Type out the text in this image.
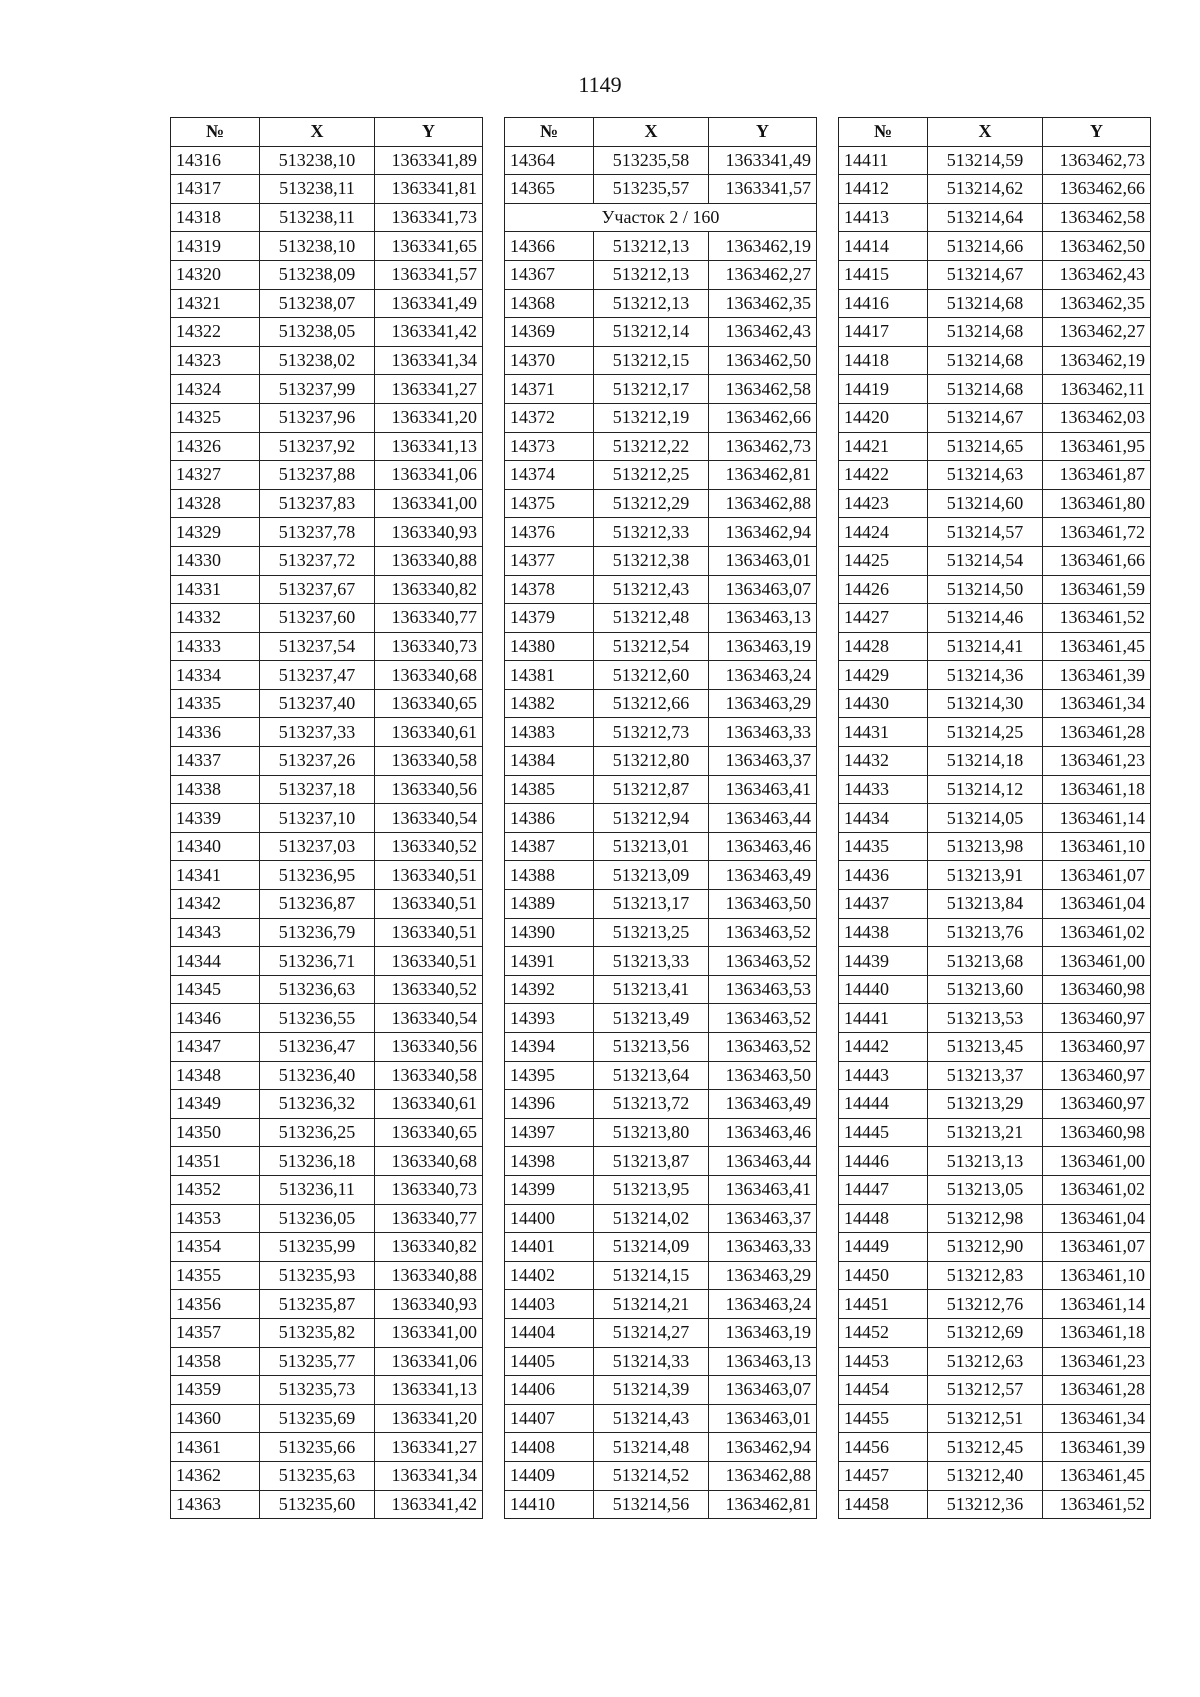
1149
№	X	Y
14316	513238,10	1363341,89
14317	513238,11	1363341,81
14318	513238,11	1363341,73
14319	513238,10	1363341,65
14320	513238,09	1363341,57
14321	513238,07	1363341,49
14322	513238,05	1363341,42
14323	513238,02	1363341,34
14324	513237,99	1363341,27
14325	513237,96	1363341,20
14326	513237,92	1363341,13
14327	513237,88	1363341,06
14328	513237,83	1363341,00
14329	513237,78	1363340,93
14330	513237,72	1363340,88
14331	513237,67	1363340,82
14332	513237,60	1363340,77
14333	513237,54	1363340,73
14334	513237,47	1363340,68
14335	513237,40	1363340,65
14336	513237,33	1363340,61
14337	513237,26	1363340,58
14338	513237,18	1363340,56
14339	513237,10	1363340,54
14340	513237,03	1363340,52
14341	513236,95	1363340,51
14342	513236,87	1363340,51
14343	513236,79	1363340,51
14344	513236,71	1363340,51
14345	513236,63	1363340,52
14346	513236,55	1363340,54
14347	513236,47	1363340,56
14348	513236,40	1363340,58
14349	513236,32	1363340,61
14350	513236,25	1363340,65
14351	513236,18	1363340,68
14352	513236,11	1363340,73
14353	513236,05	1363340,77
14354	513235,99	1363340,82
14355	513235,93	1363340,88
14356	513235,87	1363340,93
14357	513235,82	1363341,00
14358	513235,77	1363341,06
14359	513235,73	1363341,13
14360	513235,69	1363341,20
14361	513235,66	1363341,27
14362	513235,63	1363341,34
14363	513235,60	1363341,42
№	X	Y
14364	513235,58	1363341,49
14365	513235,57	1363341,57
Участок 2 / 160		
14366	513212,13	1363462,19
14367	513212,13	1363462,27
14368	513212,13	1363462,35
14369	513212,14	1363462,43
14370	513212,15	1363462,50
14371	513212,17	1363462,58
14372	513212,19	1363462,66
14373	513212,22	1363462,73
14374	513212,25	1363462,81
14375	513212,29	1363462,88
14376	513212,33	1363462,94
14377	513212,38	1363463,01
14378	513212,43	1363463,07
14379	513212,48	1363463,13
14380	513212,54	1363463,19
14381	513212,60	1363463,24
14382	513212,66	1363463,29
14383	513212,73	1363463,33
14384	513212,80	1363463,37
14385	513212,87	1363463,41
14386	513212,94	1363463,44
14387	513213,01	1363463,46
14388	513213,09	1363463,49
14389	513213,17	1363463,50
14390	513213,25	1363463,52
14391	513213,33	1363463,52
14392	513213,41	1363463,53
14393	513213,49	1363463,52
14394	513213,56	1363463,52
14395	513213,64	1363463,50
14396	513213,72	1363463,49
14397	513213,80	1363463,46
14398	513213,87	1363463,44
14399	513213,95	1363463,41
14400	513214,02	1363463,37
14401	513214,09	1363463,33
14402	513214,15	1363463,29
14403	513214,21	1363463,24
14404	513214,27	1363463,19
14405	513214,33	1363463,13
14406	513214,39	1363463,07
14407	513214,43	1363463,01
14408	513214,48	1363462,94
14409	513214,52	1363462,88
14410	513214,56	1363462,81
№	X	Y
14411	513214,59	1363462,73
14412	513214,62	1363462,66
14413	513214,64	1363462,58
14414	513214,66	1363462,50
14415	513214,67	1363462,43
14416	513214,68	1363462,35
14417	513214,68	1363462,27
14418	513214,68	1363462,19
14419	513214,68	1363462,11
14420	513214,67	1363462,03
14421	513214,65	1363461,95
14422	513214,63	1363461,87
14423	513214,60	1363461,80
14424	513214,57	1363461,72
14425	513214,54	1363461,66
14426	513214,50	1363461,59
14427	513214,46	1363461,52
14428	513214,41	1363461,45
14429	513214,36	1363461,39
14430	513214,30	1363461,34
14431	513214,25	1363461,28
14432	513214,18	1363461,23
14433	513214,12	1363461,18
14434	513214,05	1363461,14
14435	513213,98	1363461,10
14436	513213,91	1363461,07
14437	513213,84	1363461,04
14438	513213,76	1363461,02
14439	513213,68	1363461,00
14440	513213,60	1363460,98
14441	513213,53	1363460,97
14442	513213,45	1363460,97
14443	513213,37	1363460,97
14444	513213,29	1363460,97
14445	513213,21	1363460,98
14446	513213,13	1363461,00
14447	513213,05	1363461,02
14448	513212,98	1363461,04
14449	513212,90	1363461,07
14450	513212,83	1363461,10
14451	513212,76	1363461,14
14452	513212,69	1363461,18
14453	513212,63	1363461,23
14454	513212,57	1363461,28
14455	513212,51	1363461,34
14456	513212,45	1363461,39
14457	513212,40	1363461,45
14458	513212,36	1363461,52
